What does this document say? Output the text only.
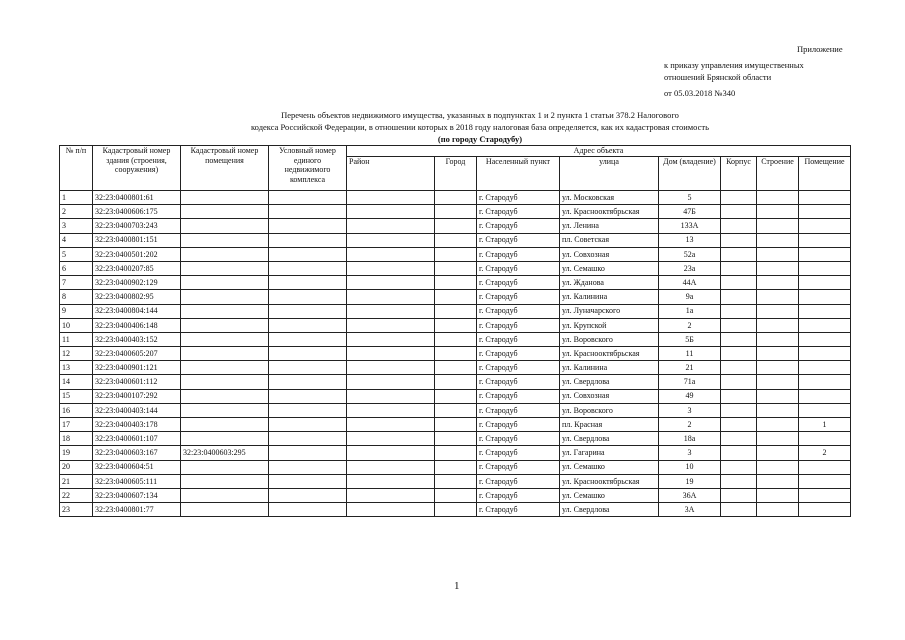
Приложение
к приказу управления имущественных
отношений Брянской области
от 05.03.2018 №340
Перечень объектов недвижимого имущества, указанных в подпунктах 1 и 2 пункта 1 статьи 378.2 Налогового
кодекса Российской Федерации, в отношении которых в 2018 году налоговая база определяется, как их кадастровая стоимость
(по городу Стародубу)
№ п/п	Кадастровый номер здания (строения, сооружения)	Кадастровый номер помещения	Условный номер единого недвижимого комплекса	Адрес объекта							
				Район	Город	Населенный пункт	улица	Дом (владение)	Корпус	Строение	Помещение
1	32:23:0400801:61					г. Стародуб	ул. Московская	5			
2	32:23:0400606:175					г. Стародуб	ул. Краснооктябрьская	47Б			
3	32:23:0400703:243					г. Стародуб	ул. Ленина	133А			
4	32:23:0400801:151					г. Стародуб	пл. Советская	13			
5	32:23:0400501:202					г. Стародуб	ул. Совхозная	52а			
6	32:23:0400207:85					г. Стародуб	ул. Семашко	23а			
7	32:23:0400902:129					г. Стародуб	ул. Жданова	44А			
8	32:23:0400802:95					г. Стародуб	ул. Калинина	9а			
9	32:23:0400804:144					г. Стародуб	ул. Луначарского	1а			
10	32:23:0400406:148					г. Стародуб	ул. Крупской	2			
11	32:23:0400403:152					г. Стародуб	ул. Воровского	5Б			
12	32:23:0400605:207					г. Стародуб	ул. Краснооктябрьская	11			
13	32:23:0400901:121					г. Стародуб	ул. Калинина	21			
14	32:23:0400601:112					г. Стародуб	ул. Свердлова	71а			
15	32:23:0400107:292					г. Стародуб	ул. Совхозная	49			
16	32:23:0400403:144					г. Стародуб	ул. Воровского	3			
17	32:23:0400403:178					г. Стародуб	пл. Красная	2			1
18	32:23:0400601:107					г. Стародуб	ул. Свердлова	18а			
19	32:23:0400603:167	32:23:0400603:295				г. Стародуб	ул. Гагарина	3			2
20	32:23:0400604:51					г. Стародуб	ул. Семашко	10			
21	32:23:0400605:111					г. Стародуб	ул. Краснооктябрьская	19			
22	32:23:0400607:134					г. Стародуб	ул. Семашко	36А			
23	32:23:0400801:77					г. Стародуб	ул. Свердлова	3А			
1
